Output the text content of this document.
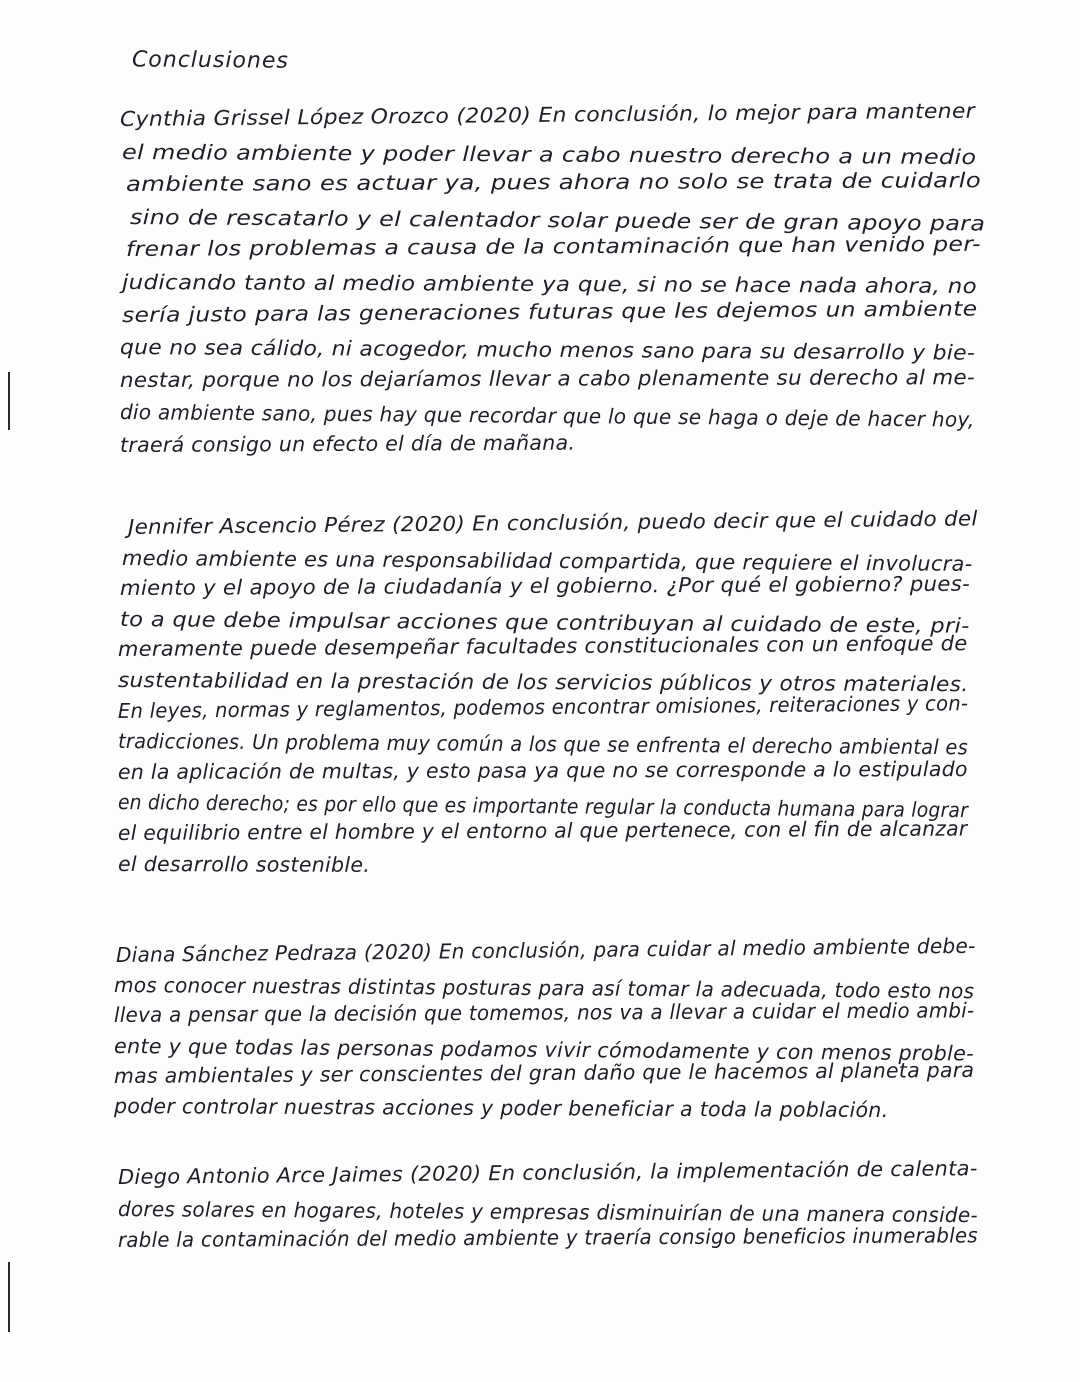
Conclusiones
Cynthia Grissel López Orozco (2020) En conclusión, lo mejor para mantener
el medio ambiente y poder llevar a cabo nuestro derecho a un medio
ambiente sano es actuar ya, pues ahora no solo se trata de cuidarlo
sino de rescatarlo y el calentador solar puede ser de gran apoyo para
frenar los problemas a causa de la contaminación que han venido per-
judicando tanto al medio ambiente ya que, si no se hace nada ahora, no
sería justo para las generaciones futuras que les dejemos un ambiente
que no sea cálido, ni acogedor, mucho menos sano para su desarrollo y bie-
nestar, porque no los dejaríamos llevar a cabo plenamente su derecho al me-
dio ambiente sano, pues hay que recordar que lo que se haga o deje de hacer hoy,
traerá consigo un efecto el día de mañana.
Jennifer Ascencio Pérez (2020) En conclusión, puedo decir que el cuidado del
medio ambiente es una responsabilidad compartida, que requiere el involucra-
miento y el apoyo de la ciudadanía y el gobierno. ¿Por qué el gobierno? pues-
to a que debe impulsar acciones que contribuyan al cuidado de este, pri-
meramente puede desempeñar facultades constitucionales con un enfoque de
sustentabilidad en la prestación de los servicios públicos y otros materiales.
En leyes, normas y reglamentos, podemos encontrar omisiones, reiteraciones y con-
tradicciones. Un problema muy común a los que se enfrenta el derecho ambiental es
en la aplicación de multas, y esto pasa ya que no se corresponde a lo estipulado
en dicho derecho; es por ello que es importante regular la conducta humana para lograr
el equilibrio entre el hombre y el entorno al que pertenece, con el fin de alcanzar
el desarrollo sostenible.
Diana Sánchez Pedraza (2020) En conclusión, para cuidar al medio ambiente debe-
mos conocer nuestras distintas posturas para así tomar la adecuada, todo esto nos
lleva a pensar que la decisión que tomemos, nos va a llevar a cuidar el medio ambi-
ente y que todas las personas podamos vivir cómodamente y con menos proble-
mas ambientales y ser conscientes del gran daño que le hacemos al planeta para
poder controlar nuestras acciones y poder beneficiar a toda la población.
Diego Antonio Arce Jaimes (2020) En conclusión, la implementación de calenta-
dores solares en hogares, hoteles y empresas disminuirían de una manera conside-
rable la contaminación del medio ambiente y traería consigo beneficios inumerables
